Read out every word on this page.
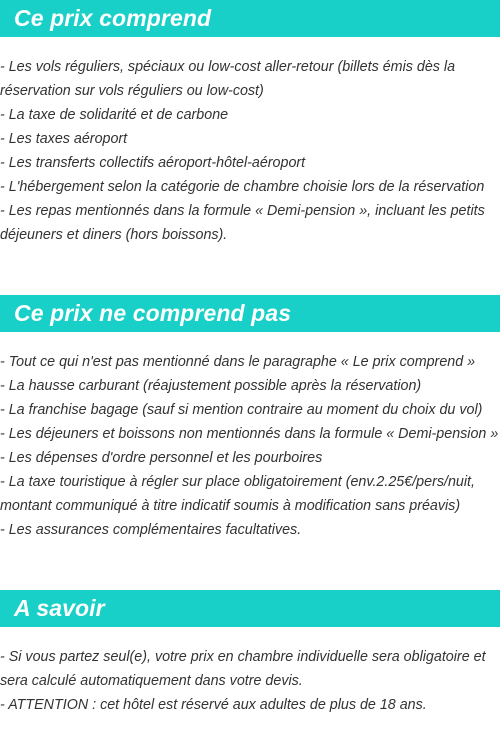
Ce prix comprend
- Les vols réguliers, spéciaux ou low-cost aller-retour (billets émis dès la
réservation sur vols réguliers ou low-cost)
- La taxe de solidarité et de carbone
- Les taxes aéroport
- Les transferts collectifs aéroport-hôtel-aéroport
- L'hébergement selon la catégorie de chambre choisie lors de la réservation
- Les repas mentionnés dans la formule « Demi-pension », incluant les petits
déjeuners et diners (hors boissons).
Ce prix ne comprend pas
- Tout ce qui n'est pas mentionné dans le paragraphe « Le prix comprend »
- La hausse carburant (réajustement possible après la réservation)
- La franchise bagage (sauf si mention contraire au moment du choix du vol)
- Les déjeuners et boissons non mentionnés dans la formule « Demi-pension »
- Les dépenses d'ordre personnel et les pourboires
- La taxe touristique à régler sur place obligatoirement (env.2.25€/pers/nuit,
montant communiqué à titre indicatif soumis à modification sans préavis)
- Les assurances complémentaires facultatives.
A savoir
- Si vous partez seul(e), votre prix en chambre individuelle sera obligatoire et
sera calculé automatiquement dans votre devis.
- ATTENTION : cet hôtel est réservé aux adultes de plus de 18 ans.
